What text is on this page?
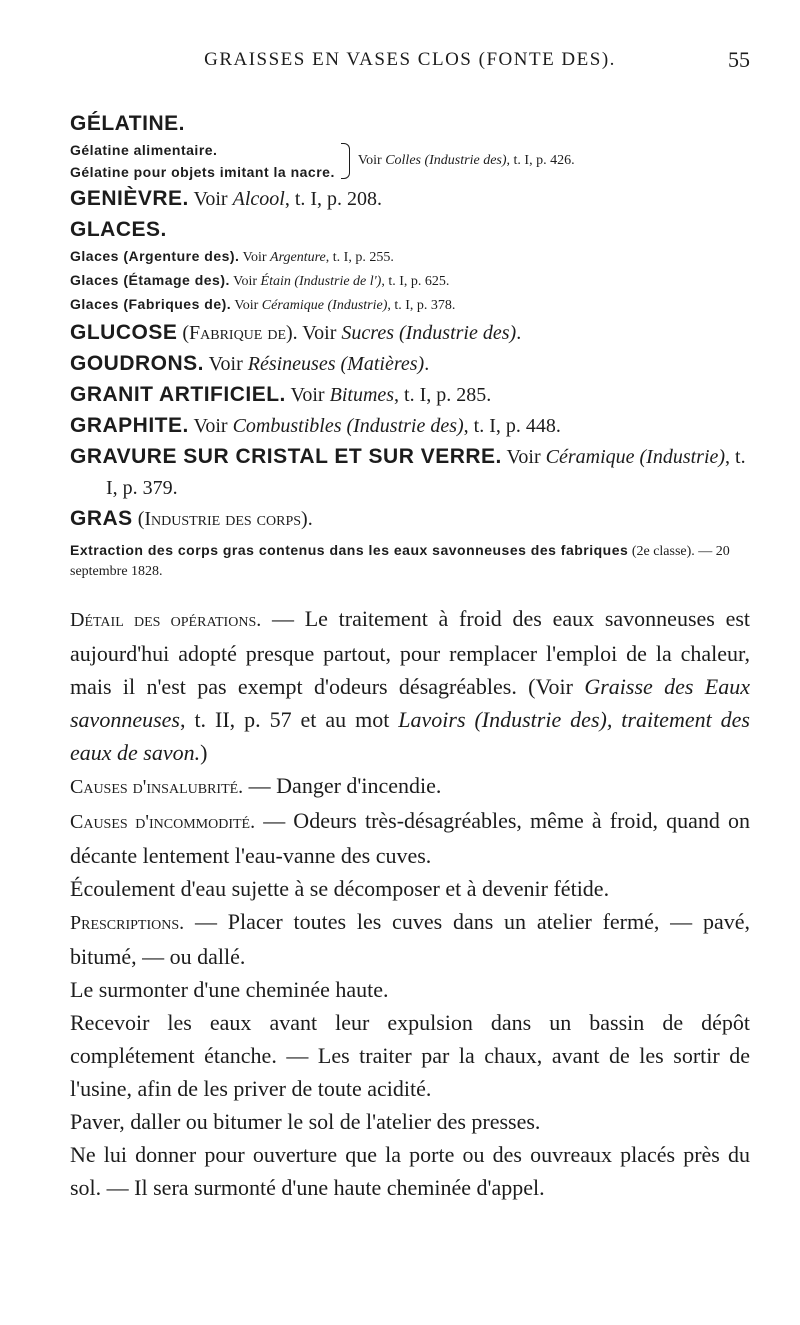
GRAISSES EN VASES CLOS (FONTE DES).	55
GÉLATINE.
Gélatine alimentaire.
Gélatine pour objets imitant la nacre.
Voir Colles (Industrie des), t. I, p. 426.
GENIÈVRE. Voir Alcool, t. I, p. 208.
GLACES.
Glaces (Argenture des). Voir Argenture, t. I, p. 255.
Glaces (Étamage des). Voir Étain (Industrie de l'), t. I, p. 625.
Glaces (Fabriques de). Voir Céramique (Industrie), t. I, p. 378.
GLUCOSE (Fabrique de). Voir Sucres (Industrie des).
GOUDRONS. Voir Résineuses (Matières).
GRANIT ARTIFICIEL. Voir Bitumes, t. I, p. 285.
GRAPHITE. Voir Combustibles (Industrie des), t. I, p. 448.
GRAVURE SUR CRISTAL ET SUR VERRE. Voir Céramique (Industrie), t. I, p. 379.
GRAS (Industrie des corps).
Extraction des corps gras contenus dans les eaux savonneuses des fabriques (2e classe). — 20 septembre 1828.

Détail des opérations. — Le traitement à froid des eaux savonneuses est aujourd'hui adopté presque partout, pour remplacer l'emploi de la chaleur, mais il n'est pas exempt d'odeurs désagréables. (Voir Graisse des Eaux savonneuses, t. II, p. 57 et au mot Lavoirs (Industrie des), traitement des eaux de savon.)

Causes d'insalubrité. — Danger d'incendie.

Causes d'incommodité. — Odeurs très-désagréables, même à froid, quand on décante lentement l'eau-vanne des cuves.

Écoulement d'eau sujette à se décomposer et à devenir fétide.

Prescriptions. — Placer toutes les cuves dans un atelier fermé, — pavé, bitumé, — ou dallé.

Le surmonter d'une cheminée haute.

Recevoir les eaux avant leur expulsion dans un bassin de dépôt complétement étanche. — Les traiter par la chaux, avant de les sortir de l'usine, afin de les priver de toute acidité.

Paver, daller ou bitumer le sol de l'atelier des presses.

Ne lui donner pour ouverture que la porte ou des ouvreaux placés près du sol. — Il sera surmonté d'une haute cheminée d'appel.
